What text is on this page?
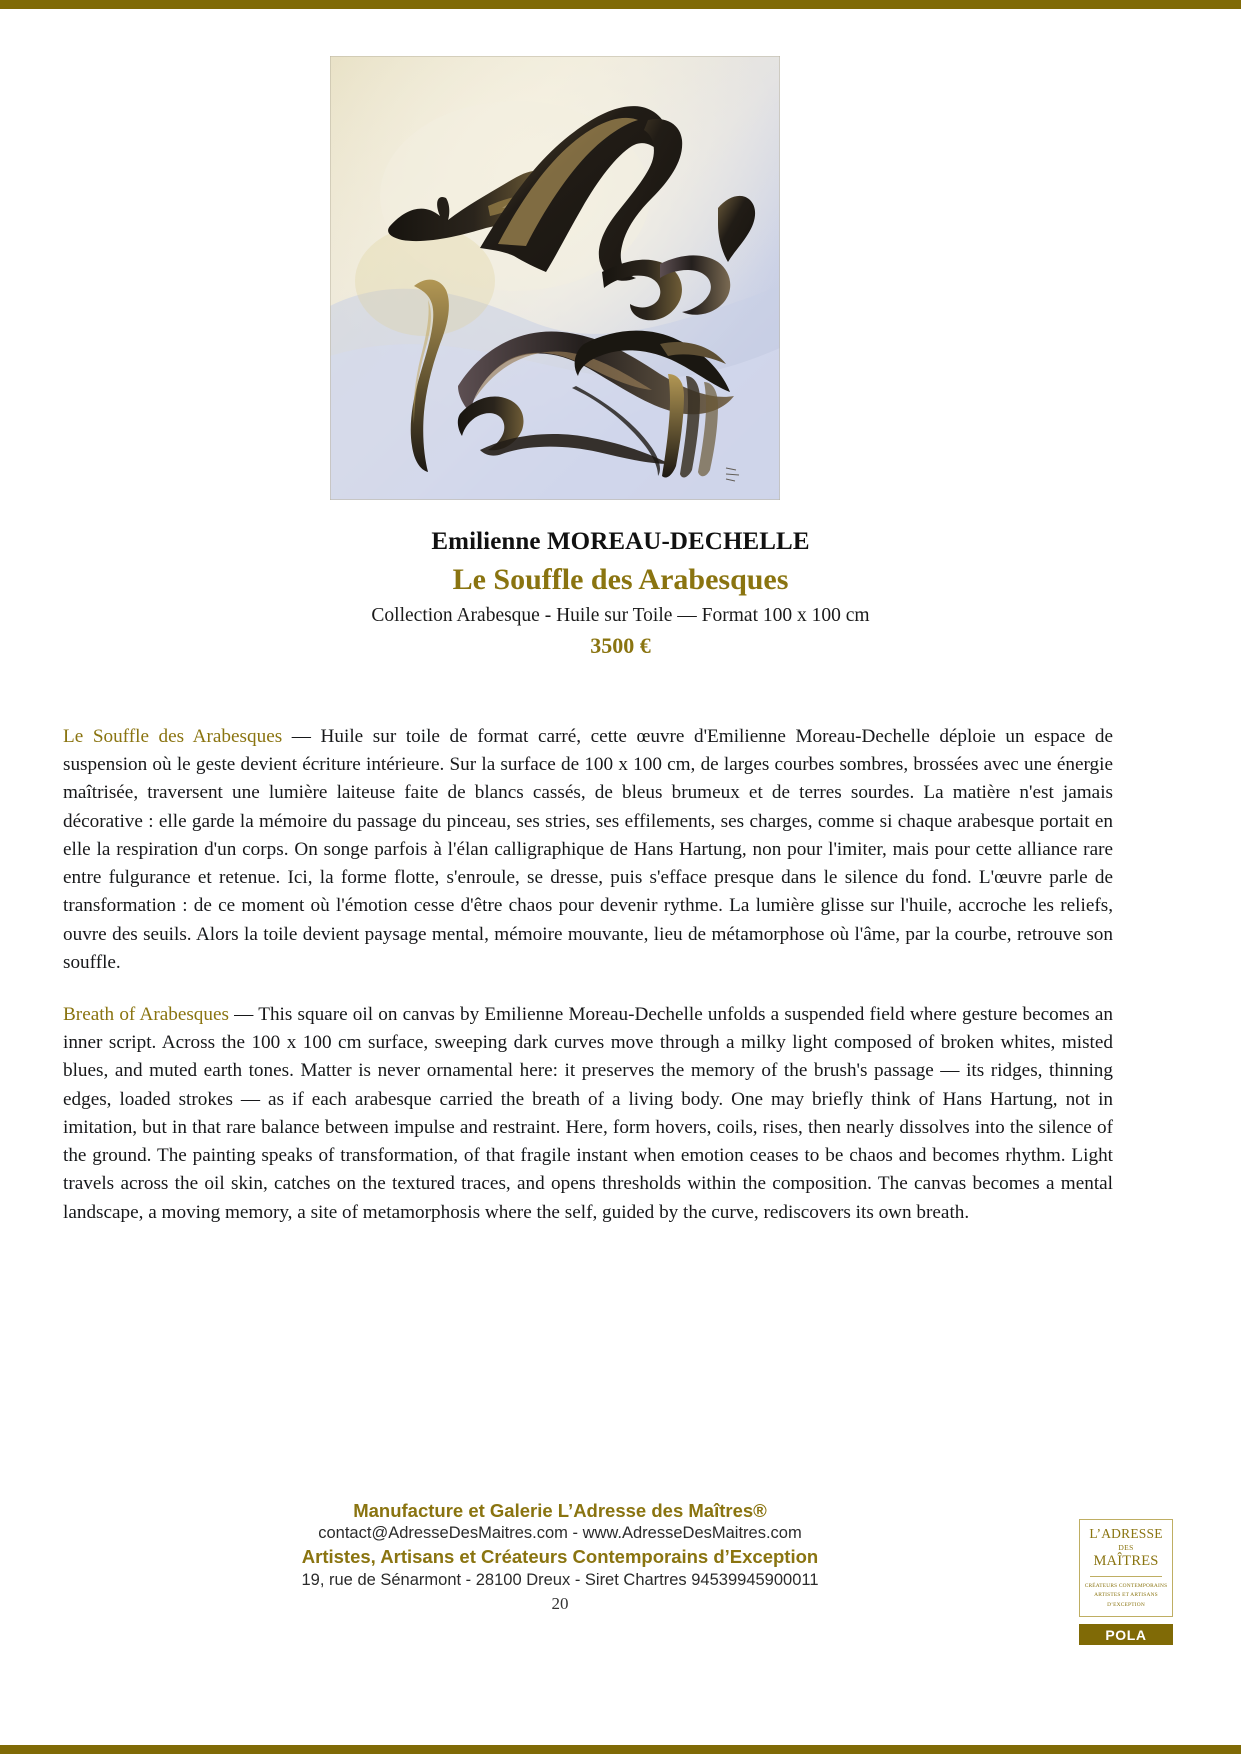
Emilienne MOREAU-DECHELLE
Le Souffle des Arabesques
Collection Arabesque - Huile sur Toile — Format 100 x 100 cm
3500 €

Le Souffle des Arabesques — Huile sur toile de format carré, cette œuvre d'Emilienne Moreau-Dechelle déploie un espace de suspension où le geste devient écriture intérieure. Sur la surface de 100 x 100 cm, de larges courbes sombres, brossées avec une énergie maîtrisée, traversent une lumière laiteuse faite de blancs cassés, de bleus brumeux et de terres sourdes. La matière n'est jamais décorative : elle garde la mémoire du passage du pinceau, ses stries, ses effilements, ses charges, comme si chaque arabesque portait en elle la respiration d'un corps. On songe parfois à l'élan calligraphique de Hans Hartung, non pour l'imiter, mais pour cette alliance rare entre fulgurance et retenue. Ici, la forme flotte, s'enroule, se dresse, puis s'efface presque dans le silence du fond. L'œuvre parle de transformation : de ce moment où l'émotion cesse d'être chaos pour devenir rythme. La lumière glisse sur l'huile, accroche les reliefs, ouvre des seuils. Alors la toile devient paysage mental, mémoire mouvante, lieu de métamorphose où l'âme, par la courbe, retrouve son souffle.

Breath of Arabesques — This square oil on canvas by Emilienne Moreau-Dechelle unfolds a suspended field where gesture becomes an inner script. Across the 100 x 100 cm surface, sweeping dark curves move through a milky light composed of broken whites, misted blues, and muted earth tones. Matter is never ornamental here: it preserves the memory of the brush's passage — its ridges, thinning edges, loaded strokes — as if each arabesque carried the breath of a living body. One may briefly think of Hans Hartung, not in imitation, but in that rare balance between impulse and restraint. Here, form hovers, coils, rises, then nearly dissolves into the silence of the ground. The painting speaks of transformation, of that fragile instant when emotion ceases to be chaos and becomes rhythm. Light travels across the oil skin, catches on the textured traces, and opens thresholds within the composition. The canvas becomes a mental landscape, a moving memory, a site of metamorphosis where the self, guided by the curve, rediscovers its own breath.

Manufacture et Galerie L’Adresse des Maîtres®

contact@AdresseDesMaitres.com - www.AdresseDesMaitres.com

Artistes, Artisans et Créateurs Contemporains d’Exception

19, rue de Sénarmont - 28100 Dreux - Siret Chartres 94539945900011

20

L’ADRESSE
DES
MAÎTRES
CRÉATEURS CONTEMPORAINS
ARTISTES ET ARTISANS
D’EXCEPTION
POLA
